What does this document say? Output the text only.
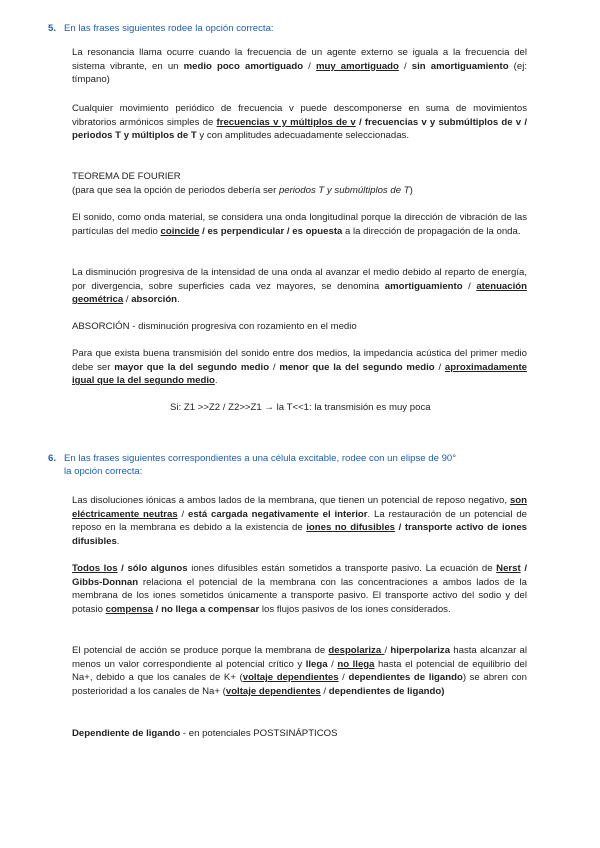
5. En las frases siguientes rodee la opción correcta:
La resonancia llama ocurre cuando la frecuencia de un agente externo se iguala a la frecuencia del sistema vibrante, en un medio poco amortiguado / muy amortiguado / sin amortiguamiento (ej: tímpano)
Cualquier movimiento periódico de frecuencia v puede descomponerse en suma de movimientos vibratorios armónicos simples de frecuencias v y múltiplos de v / frecuencias v y submúltiplos de v / periodos T y múltiplos de T y con amplitudes adecuadamente seleccionadas.
TEOREMA DE FOURIER
(para que sea la opción de periodos debería ser periodos T y submúltiplos de T)
El sonido, como onda material, se considera una onda longitudinal porque la dirección de vibración de las partículas del medio coincide / es perpendicular / es opuesta a la dirección de propagación de la onda.
La disminución progresiva de la intensidad de una onda al avanzar el medio debido al reparto de energía, por divergencia, sobre superficies cada vez mayores, se denomina amortiguamiento / atenuación geométrica / absorción.
ABSORCIÓN - disminución progresiva con rozamiento en el medio
Para que exista buena transmisión del sonido entre dos medios, la impedancia acústica del primer medio debe ser mayor que la del segundo medio / menor que la del segundo medio / aproximadamente igual que la del segundo medio.
Si: Z1 >>Z2 / Z2>>Z1 → la T<<1: la transmisión es muy poca
6. En las frases siguientes correspondientes a una célula excitable, rodee con un elipse de 90°
la opción correcta:
Las disoluciones iónicas a ambos lados de la membrana, que tienen un potencial de reposo negativo, son eléctricamente neutras / está cargada negativamente el interior. La restauración de un potencial de reposo en la membrana es debido a la existencia de iones no difusibles / transporte activo de iones difusibles.
Todos los / sólo algunos iones difusibles están sometidos a transporte pasivo. La ecuación de Nerst / Gibbs-Donnan relaciona el potencial de la membrana con las concentraciones a ambos lados de la membrana de los iones sometidos únicamente a transporte pasivo. El transporte activo del sodio y del potasio compensa / no llega a compensar los flujos pasivos de los iones considerados.
El potencial de acción se produce porque la membrana de despolariza / hiperpolariza hasta alcanzar al menos un valor correspondiente al potencial crítico y llega / no llega hasta el potencial de equilibrio del Na+, debido a que los canales de K+ (voltaje dependientes / dependientes de ligando) se abren con posterioridad a los canales de Na+ (voltaje dependientes / dependientes de ligando)
Dependiente de ligando - en potenciales POSTSINÁPTICOS
